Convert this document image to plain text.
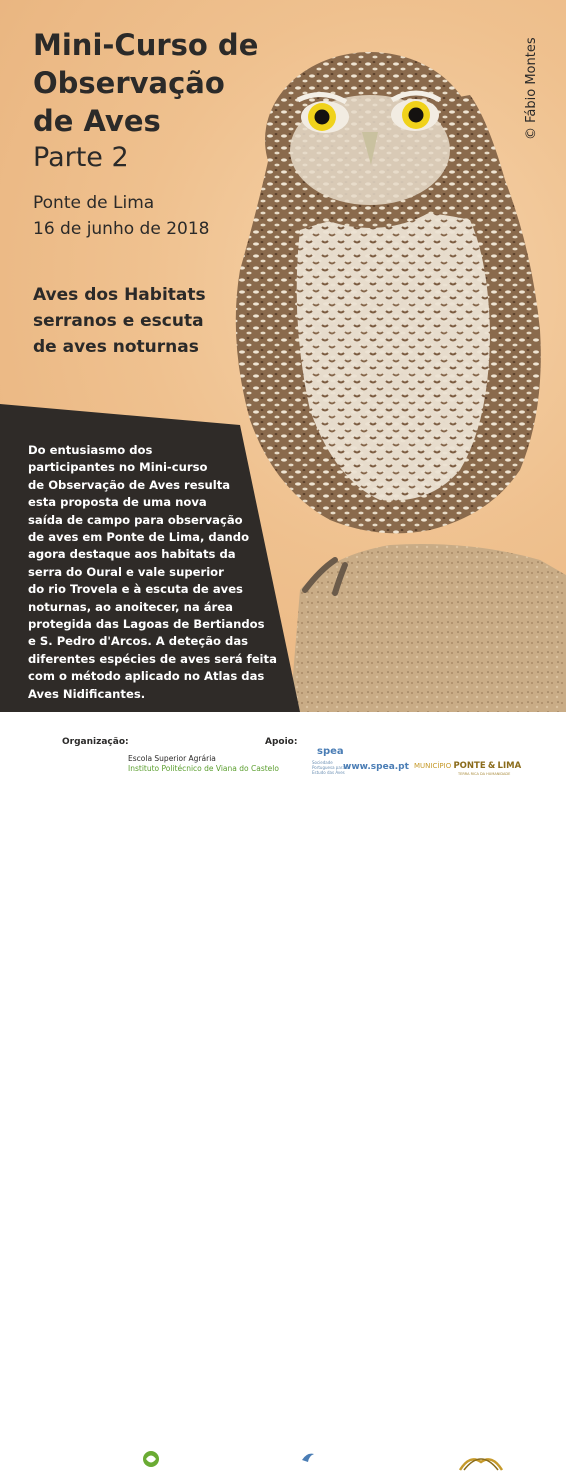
Mini-Curso de
Observação
de Aves
Parte 2
Ponte de Lima
16 de junho de 2018
Aves dos Habitats
serranos e escuta
de aves noturnas
© Fábio Montes
Do entusiasmo dos
participantes no Mini-curso
de Observação de Aves resulta
esta proposta de uma nova
saída de campo para observação
de aves em Ponte de Lima, dando
agora destaque aos habitats da
serra do Oural e vale superior
do rio Trovela e à escuta de aves
noturnas, ao anoitecer, na área
protegida das Lagoas de Bertiandos
e S. Pedro d'Arcos. A deteção das
diferentes espécies de aves será feita
com o método aplicado no Atlas das
Aves Nidificantes.
Organização:
Escola Superior Agrária
Instituto Politécnico de Viana do Castelo
Apoio:
spea
Sociedade Portuguesa para o Estudo das Aves
www.spea.pt MUNICÍPIO PONTE & LIMA
TERRA RICA DA HUMANIDADE
